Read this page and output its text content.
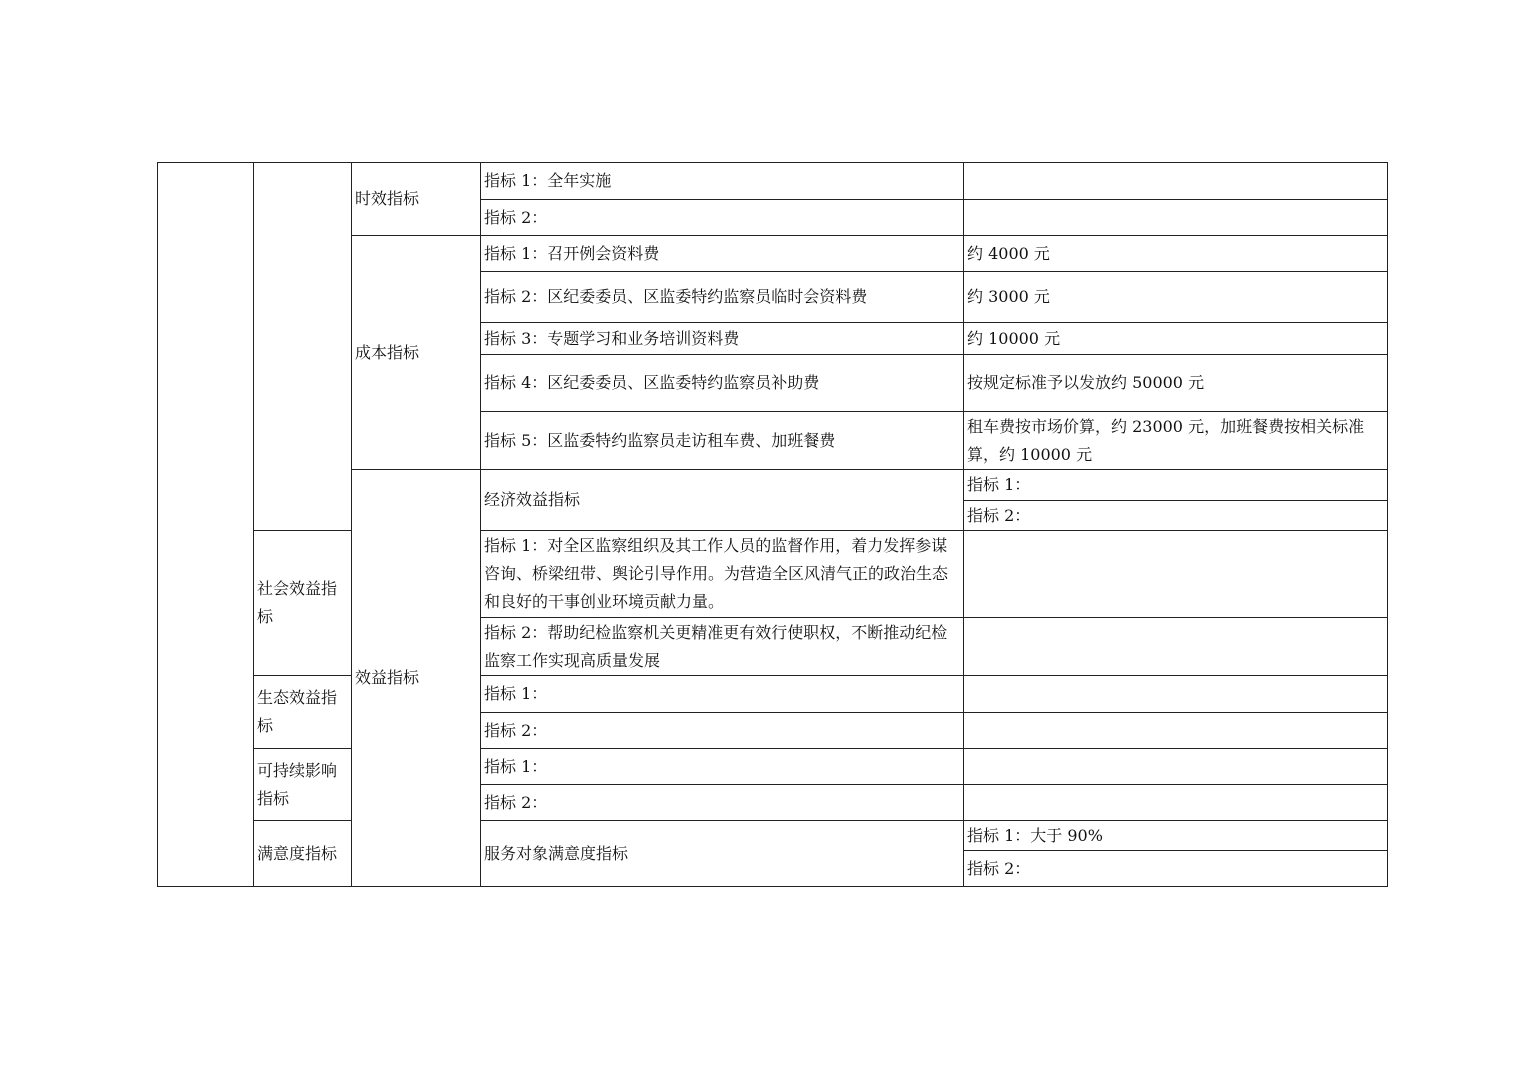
		时效指标	指标 1：全年实施		
			指标 2：		
		成本指标	指标 1：召开例会资料费	约 4000 元	
			指标 2：区纪委委员、区监委特约监察员临时会资料费	约 3000 元	
			指标 3：专题学习和业务培训资料费	约 10000 元	
			指标 4：区纪委委员、区监委特约监察员补助费	按规定标准予以发放约 50000 元	
			指标 5：区监委特约监察员走访租车费、加班餐费	租车费按市场价算，约 23000 元，加班餐费按相关标准算，约 10000 元	
		效益指标	经济效益指标	指标 1：	
				指标 2：	
	社会效益指标		指标 1：对全区监察组织及其工作人员的监督作用，着力发挥参谋咨询、桥梁纽带、舆论引导作用。为营造全区风清气正的政治生态和良好的干事创业环境贡献力量。		
			指标 2：帮助纪检监察机关更精准更有效行使职权，不断推动纪检监察工作实现高质量发展		
	生态效益指标		指标 1：		
			指标 2：		
	可持续影响指标		指标 1：		
			指标 2：		
	满意度指标		服务对象满意度指标	指标 1：大于 90%	
				指标 2：	
